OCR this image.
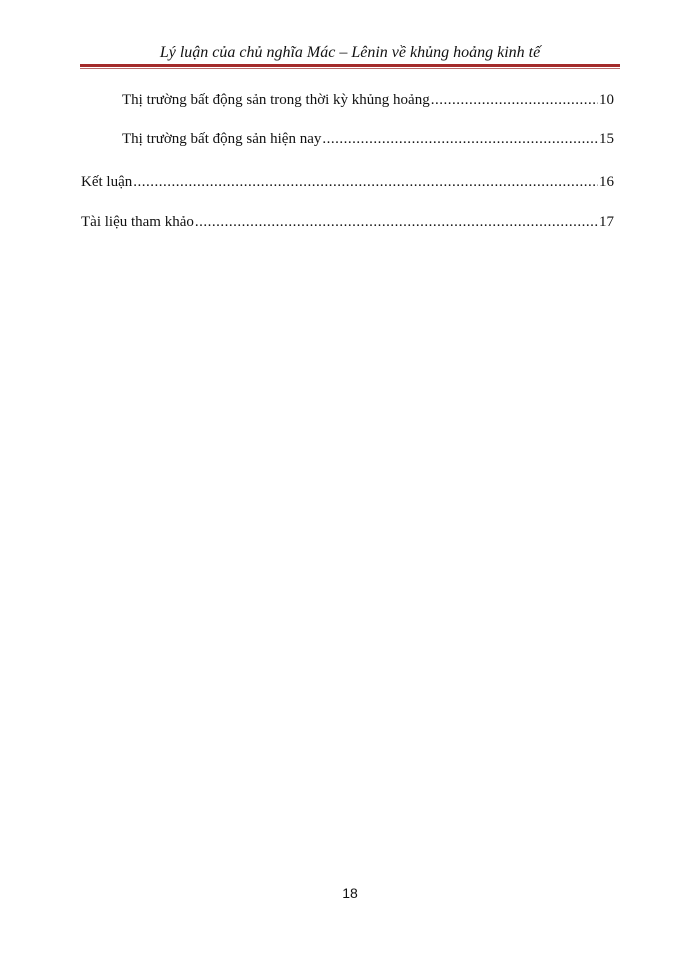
Lý luận của chủ nghĩa Mác – Lênin về khủng hoảng kinh tế
Thị trường bất động sản trong thời kỳ khủng hoảng .....	10
Thị trường bất động sản hiện nay .....	15
Kết luận .....	16
Tài liệu tham khảo .....	17
18
